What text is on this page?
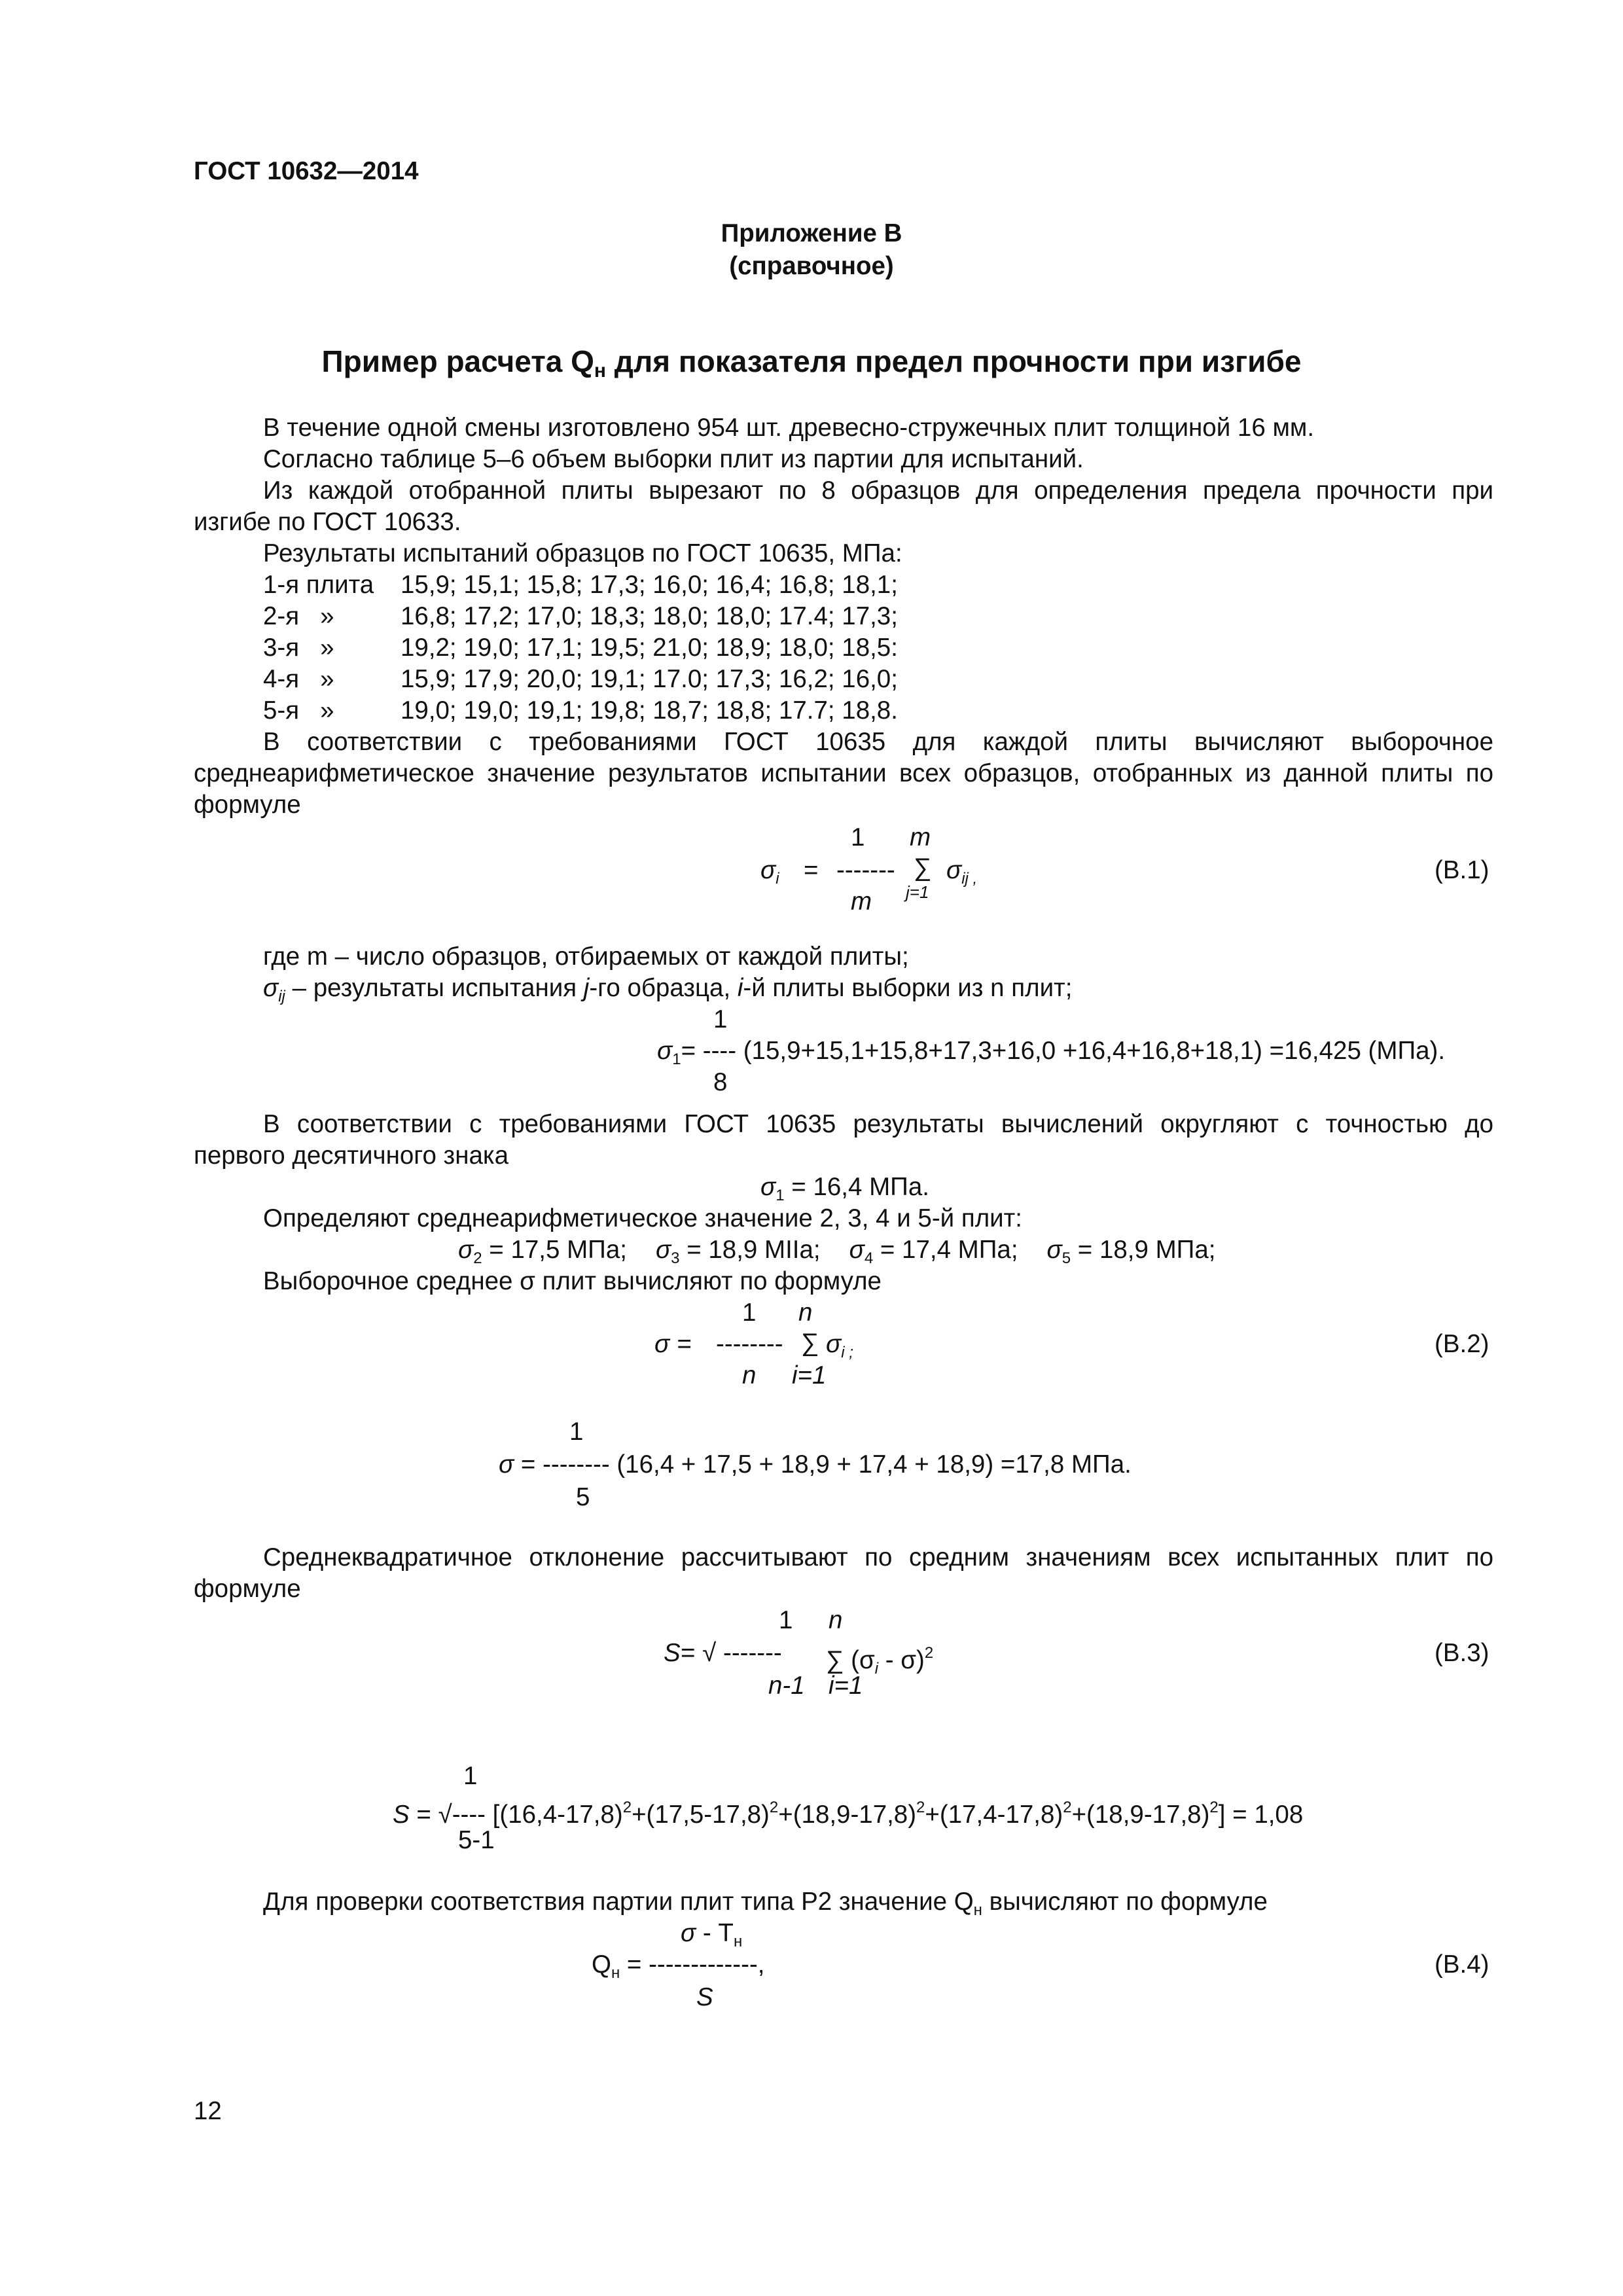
ГОСТ 10632—2014
Приложение В
(справочное)
Пример расчета $Q_н$ для показателя предел прочности при изгибе
В течение одной смены изготовлено 954 шт. древесно-стружечных плит толщиной 16 мм.
Согласно таблице 5–6 объем выборки плит из партии для испытаний.
Из каждой отобранной плиты вырезают по 8 образцов для определения предела прочности при
изгибе по ГОСТ 10633.
Результаты испытаний образцов по ГОСТ 10635, МПа:
1-я плита	15,9; 15,1; 15,8; 17,3; 16,0; 16,4; 16,8; 18,1;
2-я   »	16,8; 17,2; 17,0; 18,3; 18,0; 18,0; 17.4; 17,3;
3-я   »	19,2; 19,0; 17,1; 19,5; 21,0; 18,9; 18,0; 18,5:
4-я   »	15,9; 17,9; 20,0; 19,1; 17.0; 17,3; 16,2; 16,0;
5-я   »	19,0; 19,0; 19,1; 19,8; 18,7; 18,8; 17.7; 18,8.
В соответствии с требованиями ГОСТ 10635 для каждой плиты вычисляют выборочное среднеарифметическое значение результатов испытании всех образцов, отобранных из данной плиты по формуле
1 m
$\sigma_i$ = ------- ∑
j=1
$\sigma_{ij ,}$
m
(В.1)
где m – число образцов, отбираемых от каждой плиты;
$\sigma_{ij}$ – результаты испытания j-го образца, i-й плиты выборки из n плит;
1
$\sigma_1=$ ---- (15,9+15,1+15,8+17,3+16,0 +16,4+16,8+18,1) =16,425 (МПа).
8
В соответствии с требованиями ГОСТ 10635 результаты вычислений округляют с точностью до
первого десятичного знака
$\sigma_1 = 16,4$ МПа.
Определяют среднеарифметическое значение 2, 3, 4 и 5-й плит:
$\sigma_2 = 17,5$ МПа; $\sigma_3 = 18,9$ МIIа; $\sigma_4 = 17,4$ МПа; $\sigma_5 = 18,9$ МПа;
Выборочное среднее σ плит вычисляют по формуле
1 n
σ = -------- ∑ $\sigma_{i ;}$
n i=1
(В.2)
1
σ = -------- (16,4 + 17,5 + 18,9 + 17,4 + 18,9) =17,8 МПа.
5
Среднеквадратичное отклонение рассчитывают по средним значениям всех испытанных плит по
формуле
1 n
S = √ ------- ∑ $(\sigma_i - \sigma)^2$
n-1 i=1
(В.3)
1
S = √---- $[(16,4-17,8)^2+(17,5-17,8)^2+(18,9-17,8)^2+(17,4-17,8)^2+(18,9-17,8)^2] = 1,08$
5-1
Для проверки соответствия партии плит типа Р2 значение $Q_н$ вычисляют по формуле
σ - $Т_н$
$Q_н$ = -------------,
S
(В.4)
12
